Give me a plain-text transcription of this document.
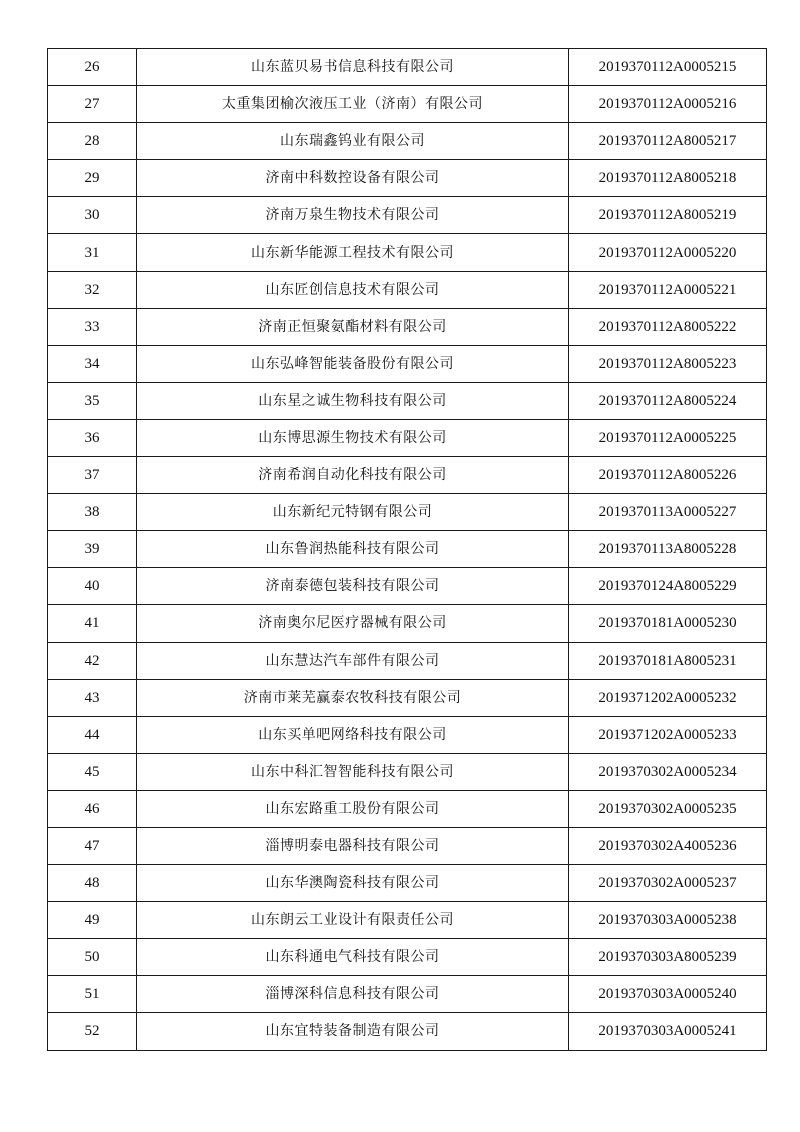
26	山东蓝贝易书信息科技有限公司	2019370112A0005215
27	太重集团榆次液压工业（济南）有限公司	2019370112A0005216
28	山东瑞鑫钨业有限公司	2019370112A8005217
29	济南中科数控设备有限公司	2019370112A8005218
30	济南万泉生物技术有限公司	2019370112A8005219
31	山东新华能源工程技术有限公司	2019370112A0005220
32	山东匠创信息技术有限公司	2019370112A0005221
33	济南正恒聚氨酯材料有限公司	2019370112A8005222
34	山东弘峰智能装备股份有限公司	2019370112A8005223
35	山东星之诚生物科技有限公司	2019370112A8005224
36	山东博思源生物技术有限公司	2019370112A0005225
37	济南希润自动化科技有限公司	2019370112A8005226
38	山东新纪元特钢有限公司	2019370113A0005227
39	山东鲁润热能科技有限公司	2019370113A8005228
40	济南泰德包装科技有限公司	2019370124A8005229
41	济南奥尔尼医疗器械有限公司	2019370181A0005230
42	山东慧达汽车部件有限公司	2019370181A8005231
43	济南市莱芜赢泰农牧科技有限公司	2019371202A0005232
44	山东买单吧网络科技有限公司	2019371202A0005233
45	山东中科汇智智能科技有限公司	2019370302A0005234
46	山东宏路重工股份有限公司	2019370302A0005235
47	淄博明泰电器科技有限公司	2019370302A4005236
48	山东华澳陶瓷科技有限公司	2019370302A0005237
49	山东朗云工业设计有限责任公司	2019370303A0005238
50	山东科通电气科技有限公司	2019370303A8005239
51	淄博深科信息科技有限公司	2019370303A0005240
52	山东宜特装备制造有限公司	2019370303A0005241
